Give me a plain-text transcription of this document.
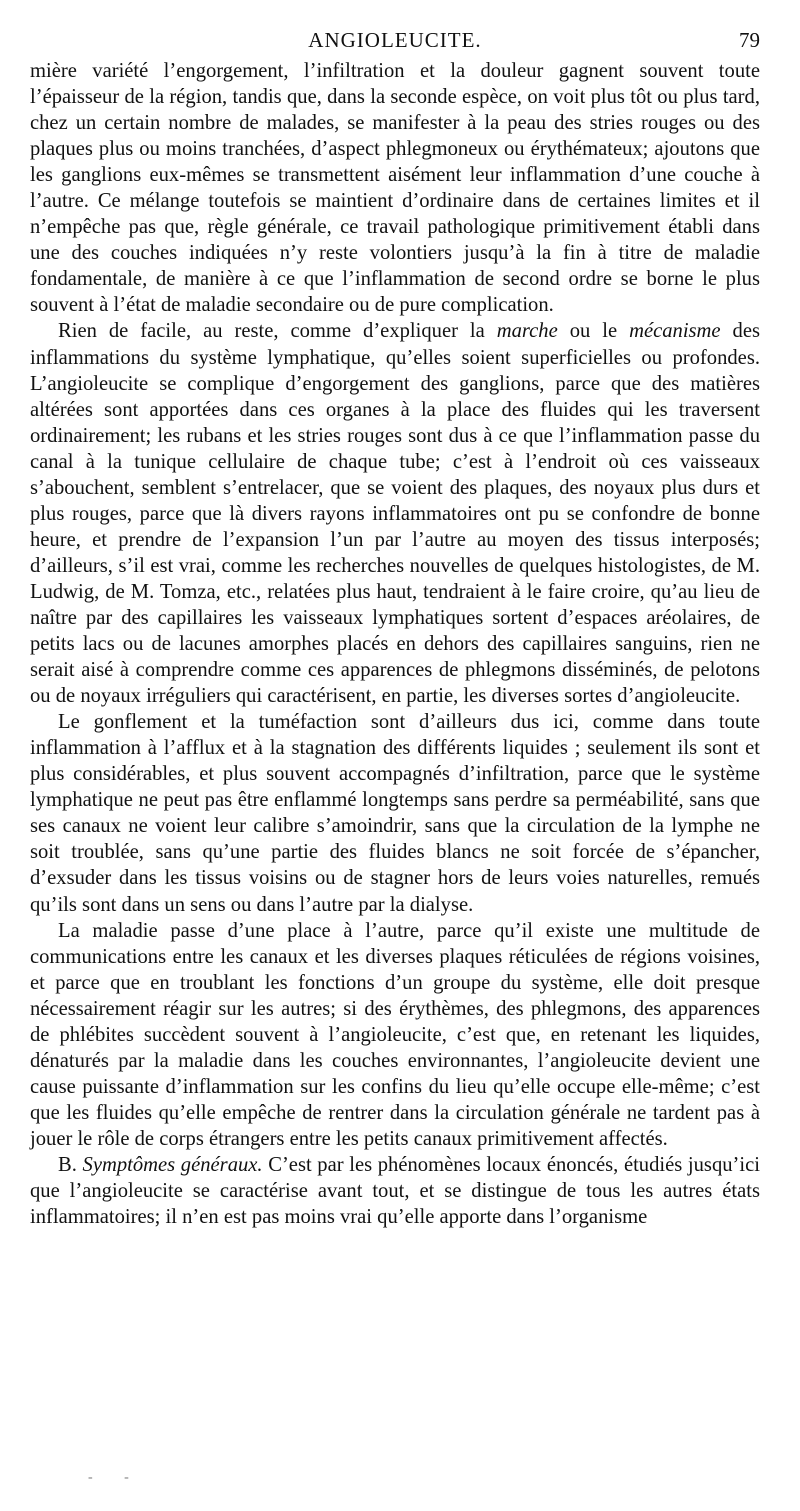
ANGIOLEUCITE.	79

mière variété l’engorgement, l’infiltration et la douleur gagnent souvent toute l’épaisseur de la région, tandis que, dans la seconde espèce, on voit plus tôt ou plus tard, chez un certain nombre de malades, se manifester à la peau des stries rouges ou des plaques plus ou moins tranchées, d’aspect phlegmoneux ou érythémateux; ajoutons que les ganglions eux-mêmes se transmettent aisément leur inflammation d’une couche à l’autre. Ce mélange toutefois se maintient d’ordinaire dans de certaines limites et il n’empêche pas que, règle générale, ce travail pathologique primitivement établi dans une des couches indiquées n’y reste volontiers jusqu’à la fin à titre de maladie fondamentale, de manière à ce que l’inflammation de second ordre se borne le plus souvent à l’état de maladie secondaire ou de pure complication.

Rien de facile, au reste, comme d’expliquer la marche ou le mécanisme des inflammations du système lymphatique, qu’elles soient superficielles ou profondes. L’angioleucite se complique d’engorgement des ganglions, parce que des matières altérées sont apportées dans ces organes à la place des fluides qui les traversent ordinairement; les rubans et les stries rouges sont dus à ce que l’inflammation passe du canal à la tunique cellulaire de chaque tube; c’est à l’endroit où ces vaisseaux s’abouchent, semblent s’entrelacer, que se voient des plaques, des noyaux plus durs et plus rouges, parce que là divers rayons inflammatoires ont pu se confondre de bonne heure, et prendre de l’expansion l’un par l’autre au moyen des tissus interposés; d’ailleurs, s’il est vrai, comme les recherches nouvelles de quelques histologistes, de M. Ludwig, de M. Tomza, etc., relatées plus haut, tendraient à le faire croire, qu’au lieu de naître par des capillaires les vaisseaux lymphatiques sortent d’espaces aréolaires, de petits lacs ou de lacunes amorphes placés en dehors des capillaires sanguins, rien ne serait aisé à comprendre comme ces apparences de phlegmons disséminés, de pelotons ou de noyaux irréguliers qui caractérisent, en partie, les diverses sortes d’angioleucite.

Le gonflement et la tuméfaction sont d’ailleurs dus ici, comme dans toute inflammation à l’afflux et à la stagnation des différents liquides ; seulement ils sont et plus considérables, et plus souvent accompagnés d’infiltration, parce que le système lymphatique ne peut pas être enflammé longtemps sans perdre sa perméabilité, sans que ses canaux ne voient leur calibre s’amoindrir, sans que la circulation de la lymphe ne soit troublée, sans qu’une partie des fluides blancs ne soit forcée de s’épancher, d’exsuder dans les tissus voisins ou de stagner hors de leurs voies naturelles, remués qu’ils sont dans un sens ou dans l’autre par la dialyse.

La maladie passe d’une place à l’autre, parce qu’il existe une multitude de communications entre les canaux et les diverses plaques réticulées de régions voisines, et parce que en troublant les fonctions d’un groupe du système, elle doit presque nécessairement réagir sur les autres; si des érythèmes, des phlegmons, des apparences de phlébites succèdent souvent à l’angioleucite, c’est que, en retenant les liquides, dénaturés par la maladie dans les couches environnantes, l’angioleucite devient une cause puissante d’inflammation sur les confins du lieu qu’elle occupe elle-même; c’est que les fluides qu’elle empêche de rentrer dans la circulation générale ne tardent pas à jouer le rôle de corps étrangers entre les petits canaux primitivement affectés.

B. Symptômes généraux. C’est par les phénomènes locaux énoncés, étudiés jusqu’ici que l’angioleucite se caractérise avant tout, et se distingue de tous les autres états inflammatoires; il n’en est pas moins vrai qu’elle apporte dans l’organisme

- -
